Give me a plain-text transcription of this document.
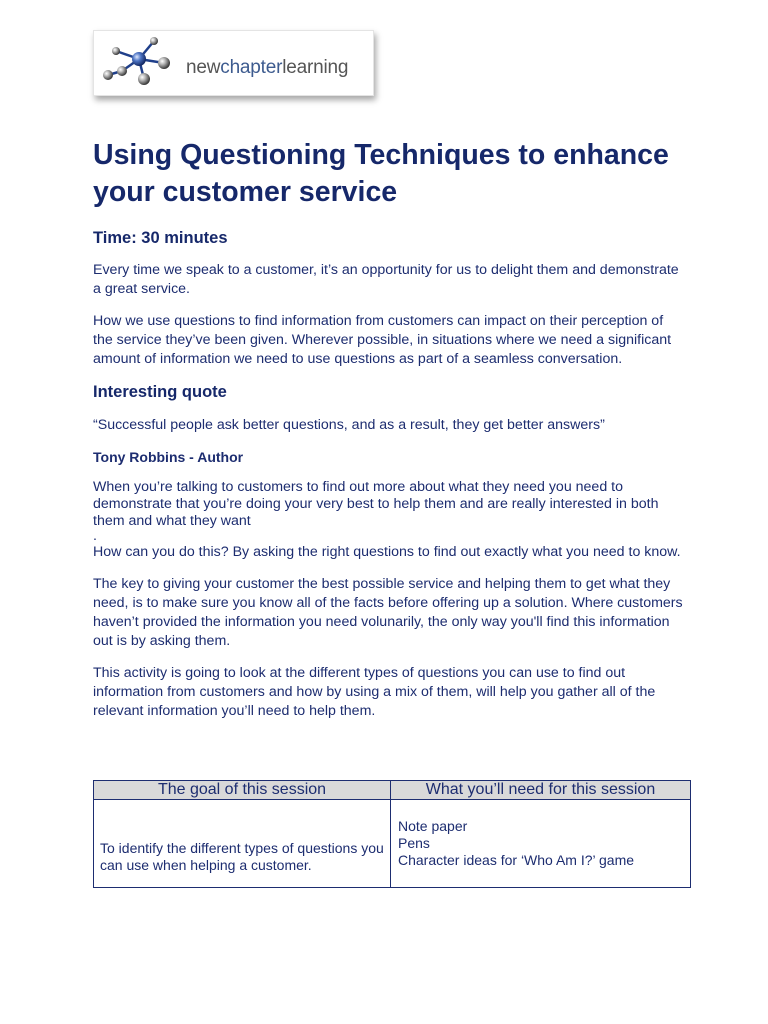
newchapterlearning
Using Questioning Techniques to enhance your customer service
Time: 30 minutes

Every time we speak to a customer, it’s an opportunity for us to delight them and demonstrate a great service.

How we use questions to find information from customers can impact on their perception of the service they’ve been given. Wherever possible, in situations where we need a significant amount of information we need to use questions as part of a seamless conversation.

Interesting quote

“Successful people ask better questions, and as a result, they get better answers”

Tony Robbins - Author

When you’re talking to customers to find out more about what they need you need to demonstrate that you’re doing your very best to help them and are really interested in both them and what they want
.

How can you do this? By asking the right questions to find out exactly what you need to know.

The key to giving your customer the best possible service and helping them to get what they need, is to make sure you know all of the facts before offering up a solution. Where customers haven’t provided the information you need volunarily, the only way you'll find this information out is by asking them.

This activity is going to look at the different types of questions you can use to find out information from customers and how by using a mix of them, will help you gather all of the relevant information you’ll need to help them.

The goal of this session	What you’ll need for this session
To identify the different types of questions you can use when helping a customer.	Note paper
Pens
Character ideas for ‘Who Am I?’ game
